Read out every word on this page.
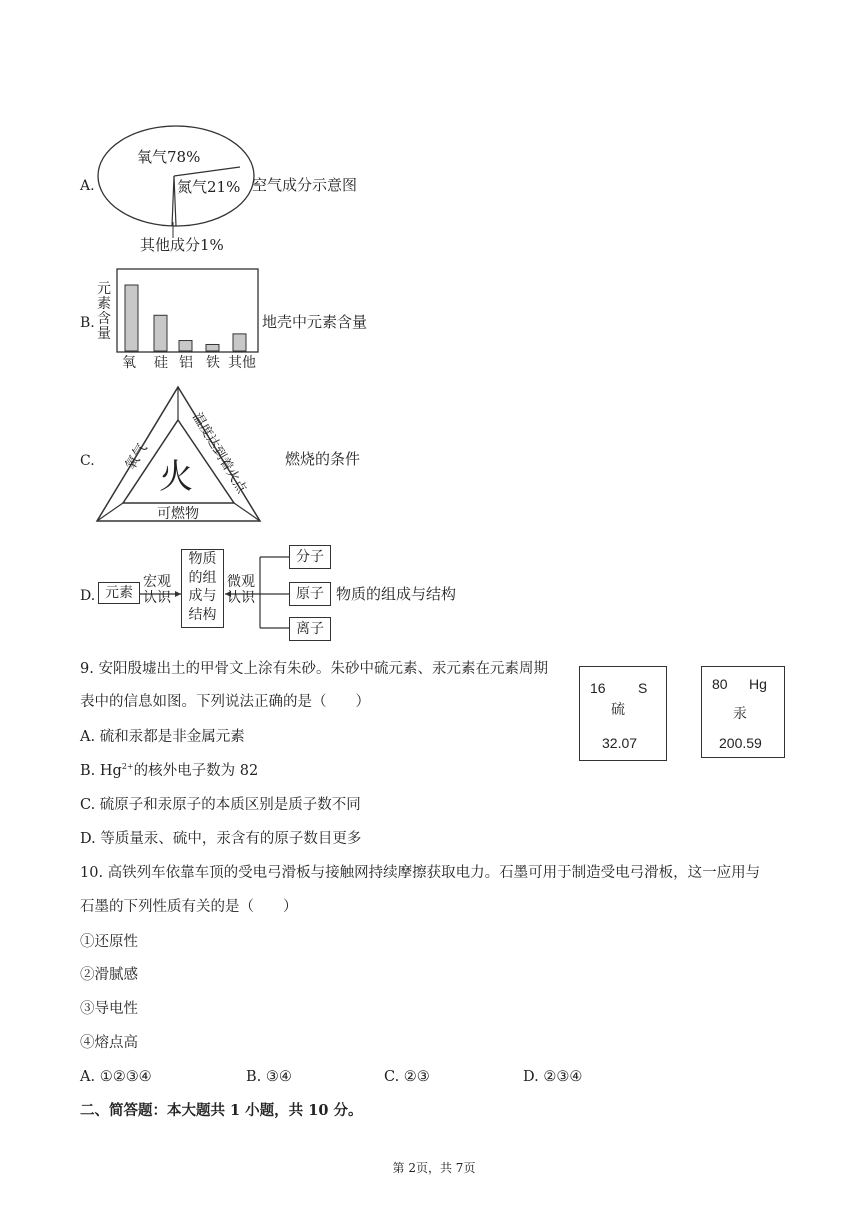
A.
氧气78%
氮气21%
其他成分1%
空气成分示意图
B.
元
素
含
量
氧 硅 铝 铁 其他
地壳中元素含量
C. 氧气	温度达到着火点
可燃物
火	燃烧的条件
D. 元素
宏观
认识
物质
的组
成与
结构
微观
认识
分子
原子
离子
物质的组成与结构
9. 安阳殷墟出土的甲骨文上涂有朱砂。朱砂中硫元素、汞元素在元素周期
表中的信息如图。下列说法正确的是（　　）
A. 硫和汞都是非金属元素
B. $Hg^{2+}$的核外电子数为 82
C. 硫原子和汞原子的本质区别是质子数不同
D. 等质量汞、硫中，汞含有的原子数目更多
16 S
硫
32.07
80 Hg
汞
200.59
10. 高铁列车依靠车顶的受电弓滑板与接触网持续摩擦获取电力。石墨可用于制造受电弓滑板，这一应用与
石墨的下列性质有关的是（　　）
①还原性
②滑腻感
③导电性
④熔点高
A. ①②③④	B. ③④	C. ②③	D. ②③④
二、简答题：本大题共 1 小题，共 10 分。
第 2页，共 7页
